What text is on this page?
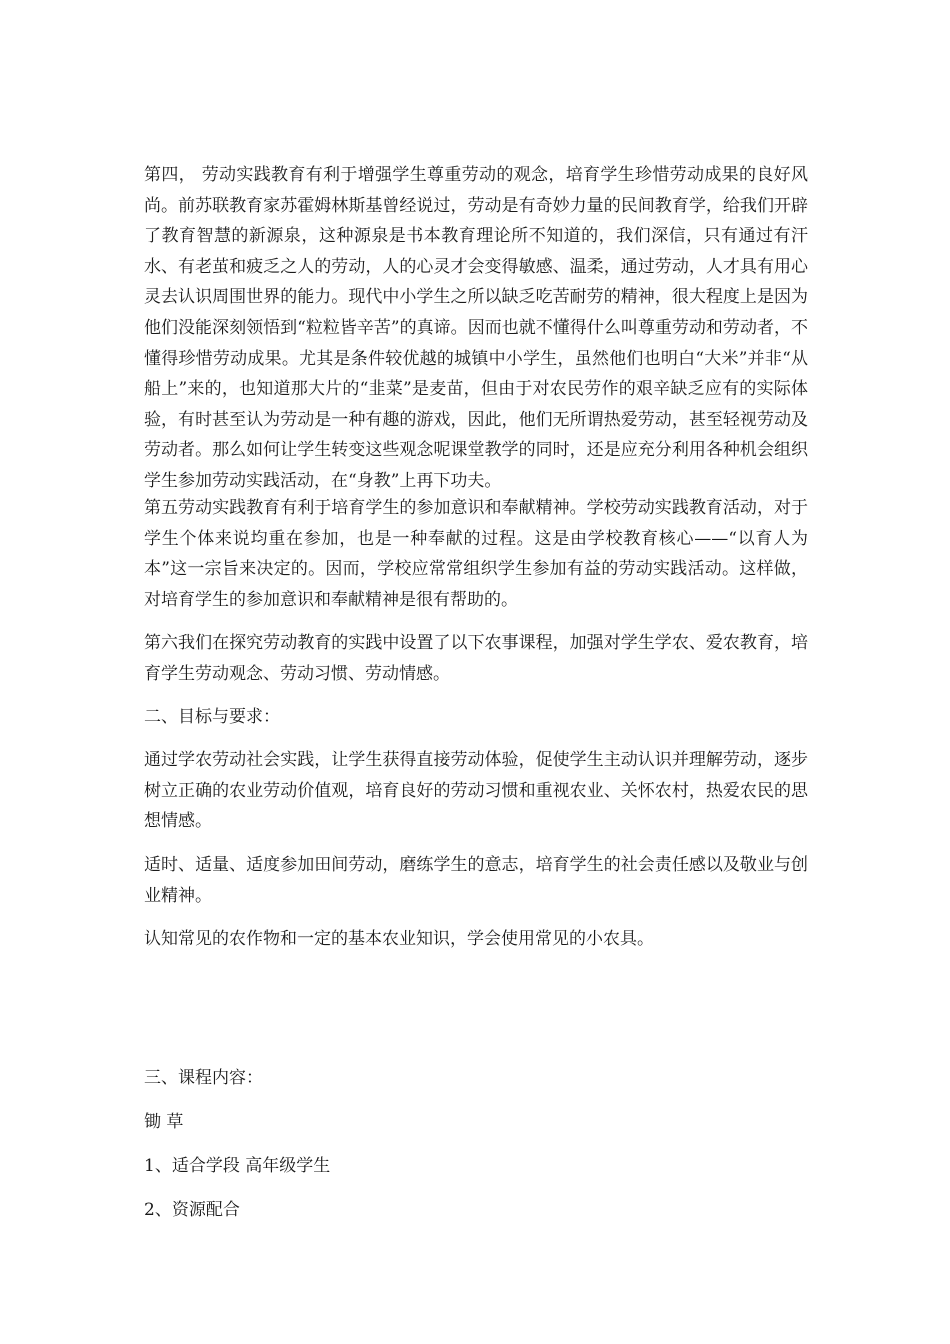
第四， 劳动实践教育有利于增强学生尊重劳动的观念，培育学生珍惜劳动成果的良好风尚。前苏联教育家苏霍姆林斯基曾经说过，劳动是有奇妙力量的民间教育学，给我们开辟了教育智慧的新源泉，这种源泉是书本教育理论所不知道的，我们深信，只有通过有汗水、有老茧和疲乏之人的劳动，人的心灵才会变得敏感、温柔，通过劳动，人才具有用心灵去认识周围世界的能力。现代中小学生之所以缺乏吃苦耐劳的精神，很大程度上是因为他们没能深刻领悟到“粒粒皆辛苦”的真谛。因而也就不懂得什么叫尊重劳动和劳动者，不懂得珍惜劳动成果。尤其是条件较优越的城镇中小学生，虽然他们也明白“大米”并非“从船上”来的，也知道那大片的“韭菜”是麦苗，但由于对农民劳作的艰辛缺乏应有的实际体验，有时甚至认为劳动是一种有趣的游戏，因此，他们无所谓热爱劳动，甚至轻视劳动及劳动者。那么如何让学生转变这些观念呢课堂教学的同时，还是应充分利用各种机会组织学生参加劳动实践活动，在“身教”上再下功夫。

第五劳动实践教育有利于培育学生的参加意识和奉献精神。学校劳动实践教育活动，对于学生个体来说均重在参加，也是一种奉献的过程。这是由学校教育核心——“以育人为本”这一宗旨来决定的。因而，学校应常常组织学生参加有益的劳动实践活动。这样做，对培育学生的参加意识和奉献精神是很有帮助的。

第六我们在探究劳动教育的实践中设置了以下农事课程，加强对学生学农、爱农教育，培育学生劳动观念、劳动习惯、劳动情感。

二、目标与要求：

通过学农劳动社会实践，让学生获得直接劳动体验，促使学生主动认识并理解劳动，逐步树立正确的农业劳动价值观，培育良好的劳动习惯和重视农业、关怀农村，热爱农民的思想情感。

适时、适量、适度参加田间劳动，磨练学生的意志，培育学生的社会责任感以及敬业与创业精神。

认知常见的农作物和一定的基本农业知识，学会使用常见的小农具。

三、课程内容：

锄 草

1、适合学段 高年级学生

2、资源配合
